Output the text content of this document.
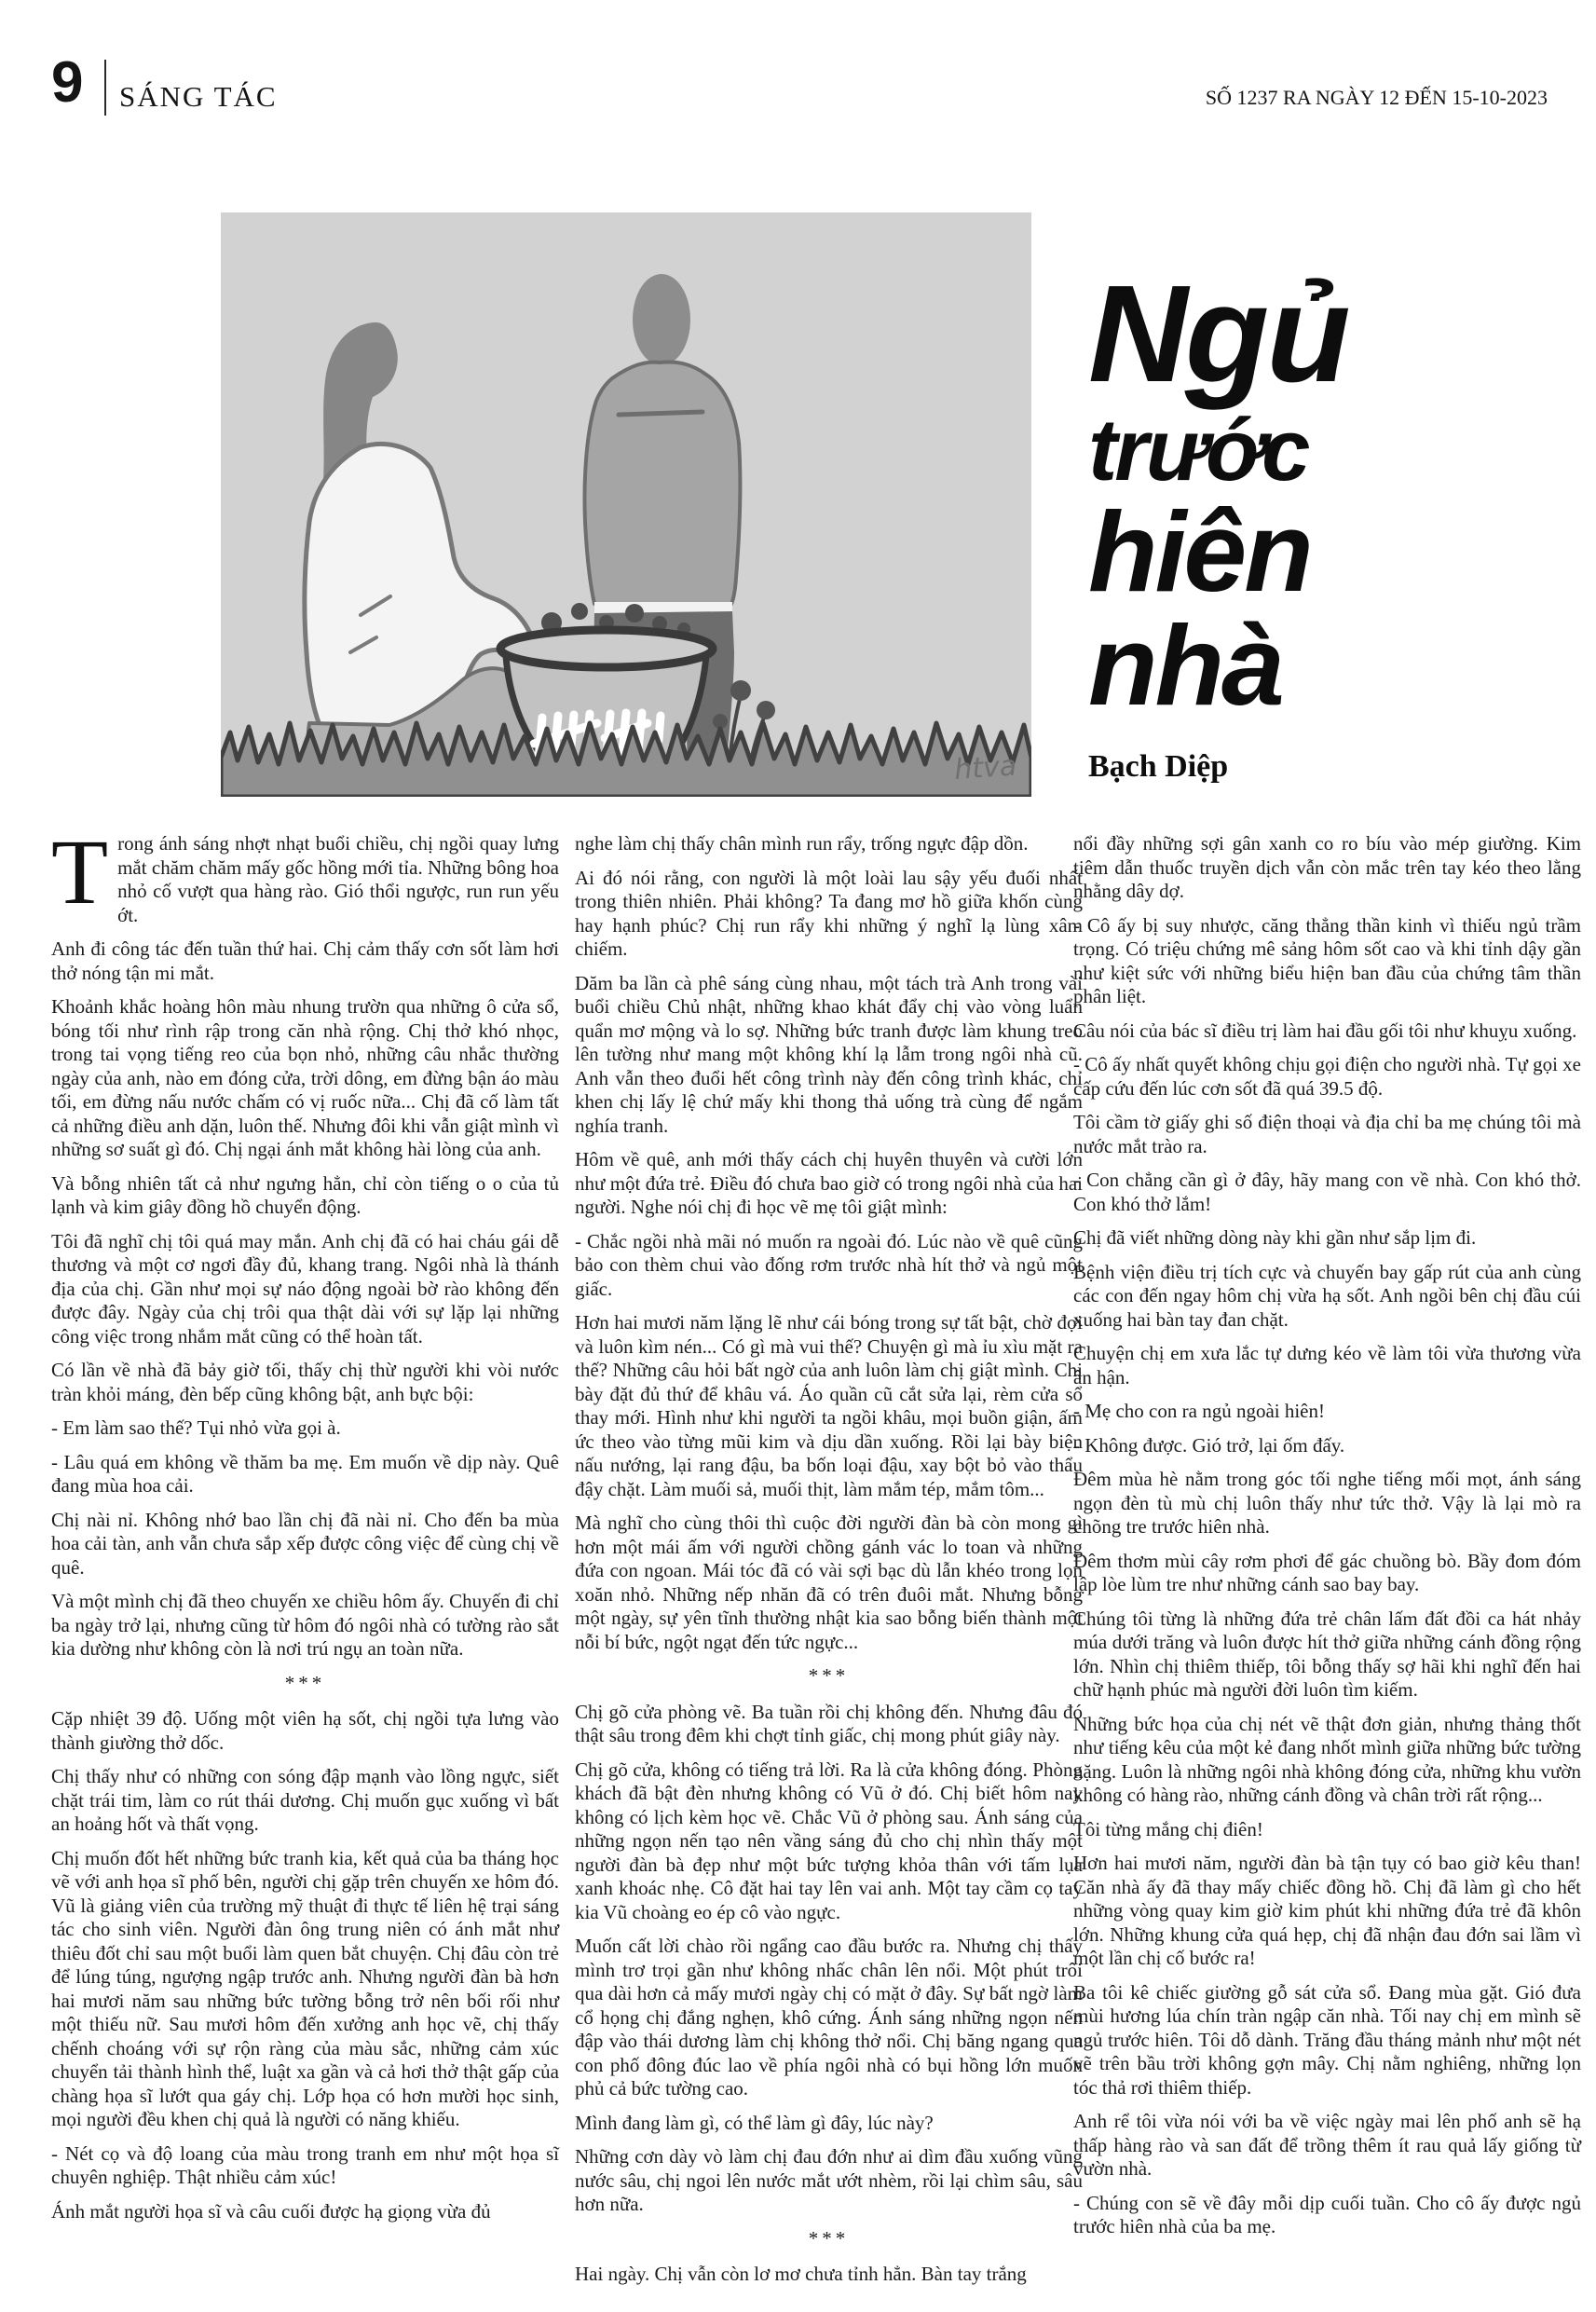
9 SÁNG TÁC	SỐ 1237 RA NGÀY 12 ĐẾN 15-10-2023
htva
Ngủ
trước
hiên
nhà
Bạch Diệp

Trong ánh sáng nhợt nhạt buổi chiều, chị ngồi quay lưng mắt chăm chăm mấy gốc hồng mới tỉa. Những bông hoa nhỏ cố vượt qua hàng rào. Gió thổi ngược, run run yếu ớt.

Anh đi công tác đến tuần thứ hai. Chị cảm thấy cơn sốt làm hơi thở nóng tận mi mắt.

Khoảnh khắc hoàng hôn màu nhung trườn qua những ô cửa sổ, bóng tối như rình rập trong căn nhà rộng. Chị thở khó nhọc, trong tai vọng tiếng reo của bọn nhỏ, những câu nhắc thường ngày của anh, nào em đóng cửa, trời dông, em đừng bận áo màu tối, em đừng nấu nước chấm có vị ruốc nữa... Chị đã cố làm tất cả những điều anh dặn, luôn thế. Nhưng đôi khi vẫn giật mình vì những sơ suất gì đó. Chị ngại ánh mắt không hài lòng của anh.

Và bỗng nhiên tất cả như ngưng hẳn, chỉ còn tiếng o o của tủ lạnh và kim giây đồng hồ chuyển động.

Tôi đã nghĩ chị tôi quá may mắn. Anh chị đã có hai cháu gái dễ thương và một cơ ngơi đầy đủ, khang trang. Ngôi nhà là thánh địa của chị. Gần như mọi sự náo động ngoài bờ rào không đến được đây. Ngày của chị trôi qua thật dài với sự lặp lại những công việc trong nhắm mắt cũng có thể hoàn tất.

Có lần về nhà đã bảy giờ tối, thấy chị thừ người khi vòi nước tràn khỏi máng, đèn bếp cũng không bật, anh bực bội:

- Em làm sao thế? Tụi nhỏ vừa gọi à.

- Lâu quá em không về thăm ba mẹ. Em muốn về dịp này. Quê đang mùa hoa cải.

Chị nài nỉ. Không nhớ bao lần chị đã nài nỉ. Cho đến ba mùa hoa cải tàn, anh vẫn chưa sắp xếp được công việc để cùng chị về quê.

Và một mình chị đã theo chuyến xe chiều hôm ấy. Chuyến đi chỉ ba ngày trở lại, nhưng cũng từ hôm đó ngôi nhà có tường rào sắt kia dường như không còn là nơi trú ngụ an toàn nữa.

***

Cặp nhiệt 39 độ. Uống một viên hạ sốt, chị ngồi tựa lưng vào thành giường thở dốc.

Chị thấy như có những con sóng đập mạnh vào lồng ngực, siết chặt trái tim, làm co rút thái dương. Chị muốn gục xuống vì bất an hoảng hốt và thất vọng.

Chị muốn đốt hết những bức tranh kia, kết quả của ba tháng học vẽ với anh họa sĩ phố bên, người chị gặp trên chuyến xe hôm đó. Vũ là giảng viên của trường mỹ thuật đi thực tế liên hệ trại sáng tác cho sinh viên. Người đàn ông trung niên có ánh mắt như thiêu đốt chỉ sau một buổi làm quen bắt chuyện. Chị đâu còn trẻ để lúng túng, ngượng ngập trước anh. Nhưng người đàn bà hơn hai mươi năm sau những bức tường bỗng trở nên bối rối như một thiếu nữ. Sau mươi hôm đến xưởng anh học vẽ, chị thấy chếnh choáng với sự rộn ràng của màu sắc, những cảm xúc chuyển tải thành hình thể, luật xa gần và cả hơi thở thật gấp của chàng họa sĩ lướt qua gáy chị. Lớp họa có hơn mười học sinh, mọi người đều khen chị quả là người có năng khiếu.

- Nét cọ và độ loang của màu trong tranh em như một họa sĩ chuyên nghiệp. Thật nhiều cảm xúc!

Ánh mắt người họa sĩ và câu cuối được hạ giọng vừa đủ

nghe làm chị thấy chân mình run rẩy, trống ngực đập dồn.

Ai đó nói rằng, con người là một loài lau sậy yếu đuối nhất trong thiên nhiên. Phải không? Ta đang mơ hồ giữa khốn cùng hay hạnh phúc? Chị run rẩy khi những ý nghĩ lạ lùng xâm chiếm.

Dăm ba lần cà phê sáng cùng nhau, một tách trà Anh trong vài buổi chiều Chủ nhật, những khao khát đẩy chị vào vòng luẩn quẩn mơ mộng và lo sợ. Những bức tranh được làm khung treo lên tường như mang một không khí lạ lẫm trong ngôi nhà cũ. Anh vẫn theo đuổi hết công trình này đến công trình khác, chỉ khen chị lấy lệ chứ mấy khi thong thả uống trà cùng để ngắm nghía tranh.

Hôm về quê, anh mới thấy cách chị huyên thuyên và cười lớn như một đứa trẻ. Điều đó chưa bao giờ có trong ngôi nhà của hai người. Nghe nói chị đi học vẽ mẹ tôi giật mình:

- Chắc ngồi nhà mãi nó muốn ra ngoài đó. Lúc nào về quê cũng bảo con thèm chui vào đống rơm trước nhà hít thở và ngủ một giấc.

Hơn hai mươi năm lặng lẽ như cái bóng trong sự tất bật, chờ đợi và luôn kìm nén... Có gì mà vui thế? Chuyện gì mà ỉu xìu mặt ra thế? Những câu hỏi bất ngờ của anh luôn làm chị giật mình. Chị bày đặt đủ thứ để khâu vá. Áo quần cũ cắt sửa lại, rèm cửa sổ thay mới. Hình như khi người ta ngồi khâu, mọi buồn giận, ấm ức theo vào từng mũi kim và dịu dần xuống. Rồi lại bày biện nấu nướng, lại rang đậu, ba bốn loại đậu, xay bột bỏ vào thẩu đậy chặt. Làm muối sả, muối thịt, làm mắm tép, mắm tôm...

Mà nghĩ cho cùng thôi thì cuộc đời người đàn bà còn mong gì hơn một mái ấm với người chồng gánh vác lo toan và những đứa con ngoan. Mái tóc đã có vài sợi bạc dù lẫn khéo trong lọn xoăn nhỏ. Những nếp nhăn đã có trên đuôi mắt. Nhưng bỗng một ngày, sự yên tĩnh thường nhật kia sao bỗng biến thành một nỗi bí bức, ngột ngạt đến tức ngực...

***

Chị gõ cửa phòng vẽ. Ba tuần rồi chị không đến. Nhưng đâu đó thật sâu trong đêm khi chợt tỉnh giấc, chị mong phút giây này.

Chị gõ cửa, không có tiếng trả lời. Ra là cửa không đóng. Phòng khách đã bật đèn nhưng không có Vũ ở đó. Chị biết hôm nay không có lịch kèm học vẽ. Chắc Vũ ở phòng sau. Ánh sáng của những ngọn nến tạo nên vầng sáng đủ cho chị nhìn thấy một người đàn bà đẹp như một bức tượng khỏa thân với tấm lụa xanh khoác nhẹ. Cô đặt hai tay lên vai anh. Một tay cầm cọ tay kia Vũ choàng eo ép cô vào ngực.

Muốn cất lời chào rồi ngẩng cao đầu bước ra. Nhưng chị thấy mình trơ trọi gần như không nhấc chân lên nổi. Một phút trôi qua dài hơn cả mấy mươi ngày chị có mặt ở đây. Sự bất ngờ làm cổ họng chị đắng nghẹn, khô cứng. Ánh sáng những ngọn nến đập vào thái dương làm chị không thở nổi. Chị băng ngang qua con phố đông đúc lao về phía ngôi nhà có bụi hồng lớn muốn phủ cả bức tường cao.

Mình đang làm gì, có thể làm gì đây, lúc này?

Những cơn dày vò làm chị đau đớn như ai dìm đầu xuống vũng nước sâu, chị ngoi lên nước mắt ướt nhèm, rồi lại chìm sâu, sâu hơn nữa.

***

Hai ngày. Chị vẫn còn lơ mơ chưa tỉnh hẳn. Bàn tay trắng

nổi đầy những sợi gân xanh co ro bíu vào mép giường. Kim tiêm dẫn thuốc truyền dịch vẫn còn mắc trên tay kéo theo lằng nhằng dây dợ.

- Cô ấy bị suy nhược, căng thẳng thần kinh vì thiếu ngủ trầm trọng. Có triệu chứng mê sảng hôm sốt cao và khi tỉnh dậy gần như kiệt sức với những biểu hiện ban đầu của chứng tâm thần phân liệt.

Câu nói của bác sĩ điều trị làm hai đầu gối tôi như khuỵu xuống.

- Cô ấy nhất quyết không chịu gọi điện cho người nhà. Tự gọi xe cấp cứu đến lúc cơn sốt đã quá 39.5 độ.

Tôi cầm tờ giấy ghi số điện thoại và địa chỉ ba mẹ chúng tôi mà nước mắt trào ra.

- Con chẳng cần gì ở đây, hãy mang con về nhà. Con khó thở. Con khó thở lắm!

Chị đã viết những dòng này khi gần như sắp lịm đi.

Bệnh viện điều trị tích cực và chuyến bay gấp rút của anh cùng các con đến ngay hôm chị vừa hạ sốt. Anh ngồi bên chị đầu cúi xuống hai bàn tay đan chặt.

Chuyện chị em xưa lắc tự dưng kéo về làm tôi vừa thương vừa ân hận.

- Mẹ cho con ra ngủ ngoài hiên!

- Không được. Gió trở, lại ốm đấy.

Đêm mùa hè nằm trong góc tối nghe tiếng mối mọt, ánh sáng ngọn đèn tù mù chị luôn thấy như tức thở. Vậy là lại mò ra chõng tre trước hiên nhà.

Đêm thơm mùi cây rơm phơi để gác chuồng bò. Bầy đom đóm lập lòe lùm tre như những cánh sao bay bay.

Chúng tôi từng là những đứa trẻ chân lấm đất đồi ca hát nhảy múa dưới trăng và luôn được hít thở giữa những cánh đồng rộng lớn. Nhìn chị thiêm thiếp, tôi bỗng thấy sợ hãi khi nghĩ đến hai chữ hạnh phúc mà người đời luôn tìm kiếm.

Những bức họa của chị nét vẽ thật đơn giản, nhưng thảng thốt như tiếng kêu của một kẻ đang nhốt mình giữa những bức tường nặng. Luôn là những ngôi nhà không đóng cửa, những khu vườn không có hàng rào, những cánh đồng và chân trời rất rộng...

Tôi từng mắng chị điên!

Hơn hai mươi năm, người đàn bà tận tụy có bao giờ kêu than! Căn nhà ấy đã thay mấy chiếc đồng hồ. Chị đã làm gì cho hết những vòng quay kim giờ kim phút khi những đứa trẻ đã khôn lớn. Những khung cửa quá hẹp, chị đã nhận đau đớn sai lầm vì một lần chị cố bước ra!

Ba tôi kê chiếc giường gỗ sát cửa sổ. Đang mùa gặt. Gió đưa mùi hương lúa chín tràn ngập căn nhà. Tối nay chị em mình sẽ ngủ trước hiên. Tôi dỗ dành. Trăng đầu tháng mảnh như một nét vẽ trên bầu trời không gợn mây. Chị nằm nghiêng, những lọn tóc thả rơi thiêm thiếp.

Anh rể tôi vừa nói với ba về việc ngày mai lên phố anh sẽ hạ thấp hàng rào và san đất để trồng thêm ít rau quả lấy giống từ vườn nhà.

- Chúng con sẽ về đây mỗi dịp cuối tuần. Cho cô ấy được ngủ trước hiên nhà của ba mẹ.
